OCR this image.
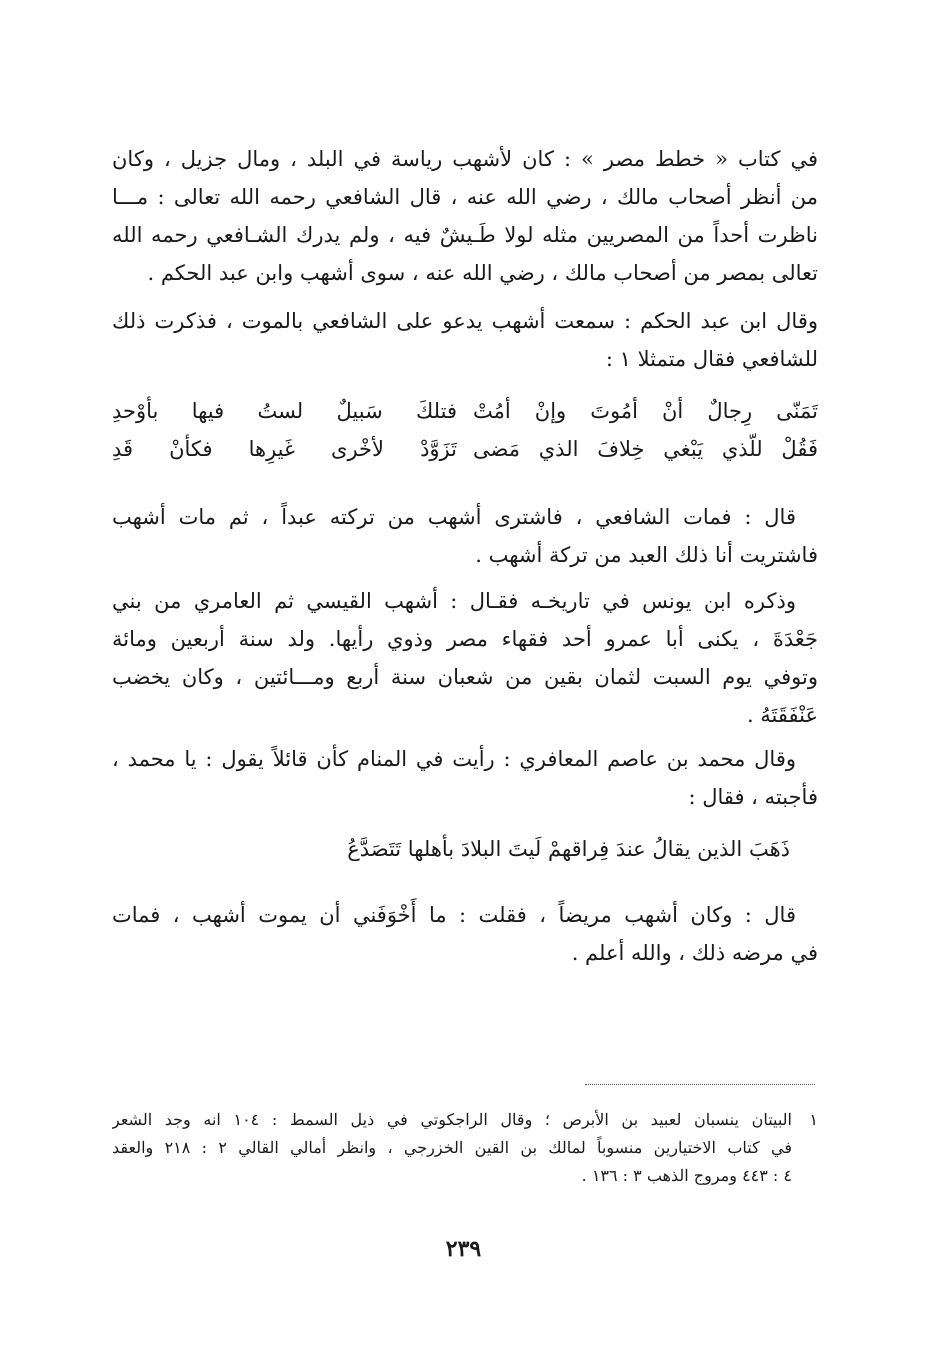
في كتاب « خطط مصر » : كان لأشهب رياسة في البلد ، ومال جزيل ، وكان
من أنظر أصحاب مالك ، رضي الله عنه ، قال الشافعي رحمه الله تعالى : مـــا
ناظرت أحداً من المصريين مثله لولا طَـيشٌ فيه ، ولم يدرك الشـافعي رحمه الله
تعالى بمصر من أصحاب مالك ، رضي الله عنه ، سوى أشهب وابن عبد الحكم .
وقال ابن عبد الحكم : سمعت أشهب يدعو على الشافعي بالموت ، فذكرت ذلك
للشافعي فقال متمثلا ١ :
تَمَنّى رِجالٌ أنْ أمُوتَ وإنْ أمُتْ
فتلكَ سَبيلٌ لستُ فيها بأوْحدِ
فَقُلْ للّذي يَبْغي خِلافَ الذي مَضى
تَزَوَّدْ لأخْرى غَيرِها فكأنْ قَدِ
قال : فمات الشافعي ، فاشترى أشهب من تركته عبداً ، ثم مات أشهب
فاشتريت أنا ذلك العبد من تركة أشهب .
وذكره ابن يونس في تاريخـه فقـال : أشهب القيسي ثم العامري من بني
جَعْدَةَ ، يكنى أبا عمرو أحد فقهاء مصر وذوي رأيها. ولد سنة أربعين ومائة
وتوفي يوم السبت لثمان بقين من شعبان سنة أربع ومـــائتين ، وكان يخضب
عَنْفَقَتَهُ .
وقال محمد بن عاصم المعافري : رأيت في المنام كأن قائلاً يقول : يا محمد ،
فأجبته ، فقال :
ذَهَبَ الذين يقالُ عندَ فِراقهمْ لَيتَ البلادَ بأهلها تَتَصَدَّعُ
قال : وكان أشهب مريضاً ، فقلت : ما أَخْوَفَني أن يموت أشهب ، فمات
في مرضه ذلك ، والله أعلم .
١البيتان ينسبان لعبيد بن الأبرص ؛ وقال الراجكوتي في ذيل السمط : ١٠٤ انه وجد الشعر
في كتاب الاختيارين منسوباً لمالك بن القين الخزرجي ، وانظر أمالي القالي ٢ : ٢١٨ والعقد
٤ : ٤٤٣ ومروج الذهب ٣ : ١٣٦ .
٢٣٩
